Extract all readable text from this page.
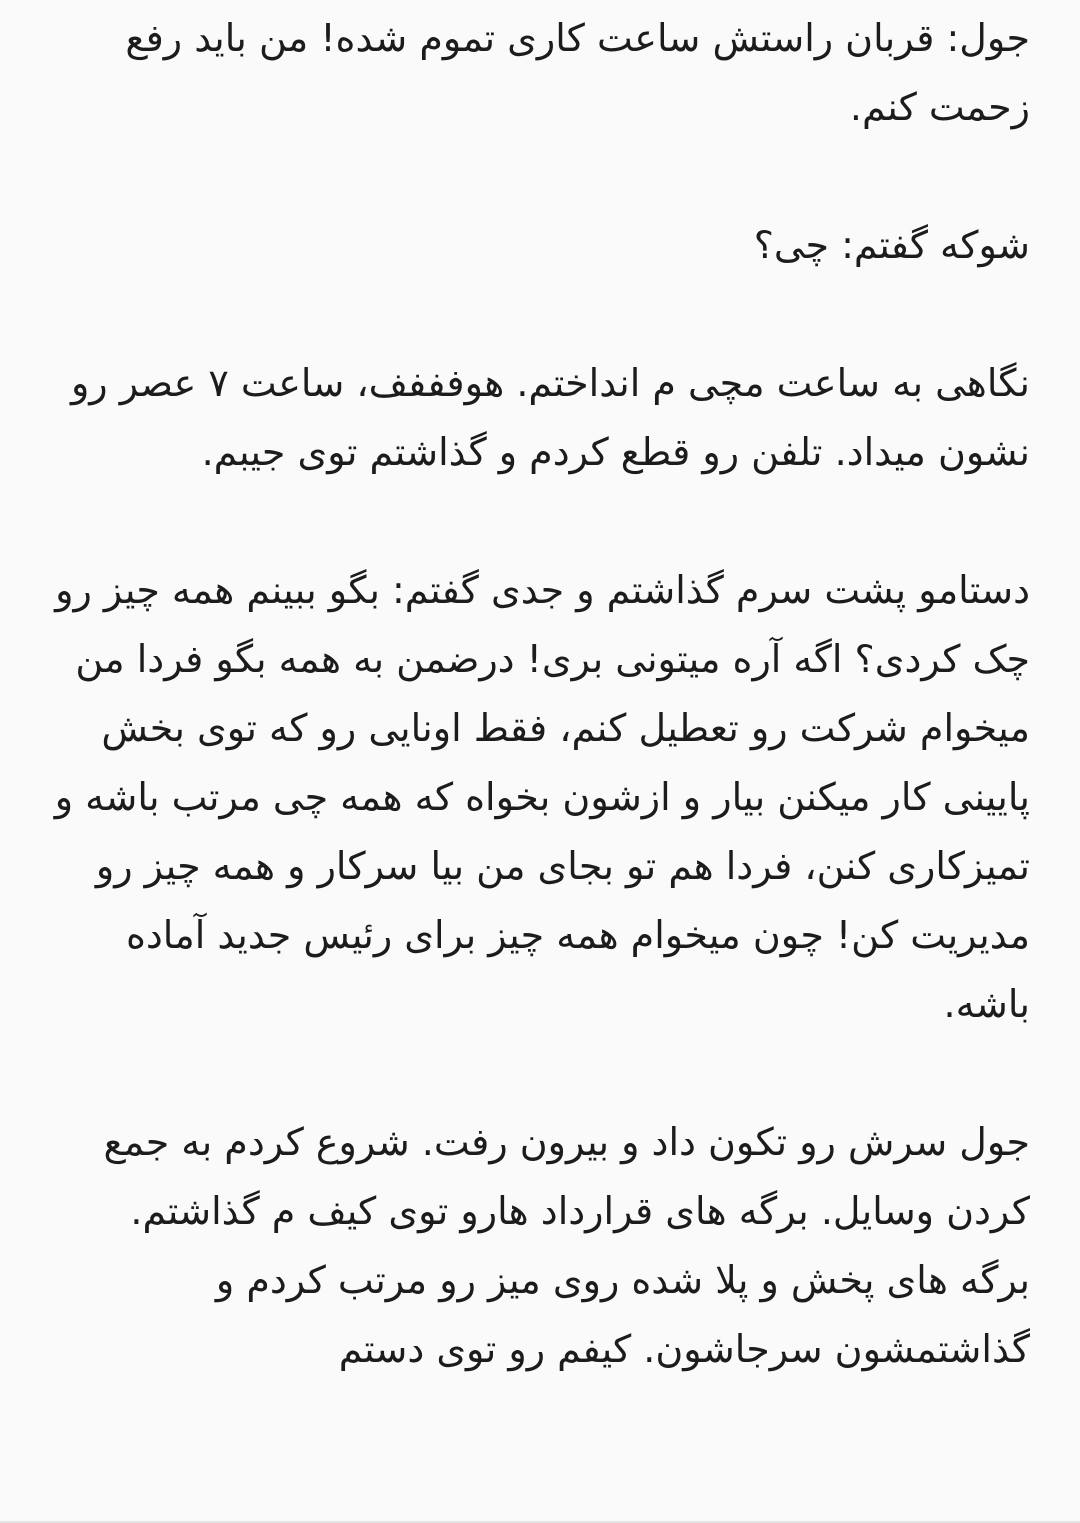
جول: قربان راستش ساعت کاری تموم شده! من باید رفع زحمت کنم.

شوکه گفتم: چی؟

نگاهی به ساعت مچی م انداختم. هوفففف، ساعت ۷ عصر رو نشون میداد. تلفن رو قطع کردم و گذاشتم توی جیبم.

دستامو پشت سرم گذاشتم و جدی گفتم: بگو ببینم همه چیز رو چک کردی؟ اگه آره میتونی بری! درضمن به همه بگو فردا من میخوام شرکت رو تعطیل کنم، فقط اونایی رو که توی بخش پایینی کار میکنن بیار و ازشون بخواه که همه چی مرتب باشه و تمیزکاری کنن، فردا هم تو بجای من بیا سرکار و همه چیز رو مدیریت کن! چون میخوام همه چیز برای رئیس جدید آماده باشه.

جول سرش رو تکون داد و بیرون رفت. شروع کردم به جمع کردن وسایل. برگه های قرارداد هارو توی کیف م گذاشتم. برگه های پخش و پلا شده روی میز رو مرتب کردم و گذاشتمشون سرجاشون. کیفم رو توی دستم
